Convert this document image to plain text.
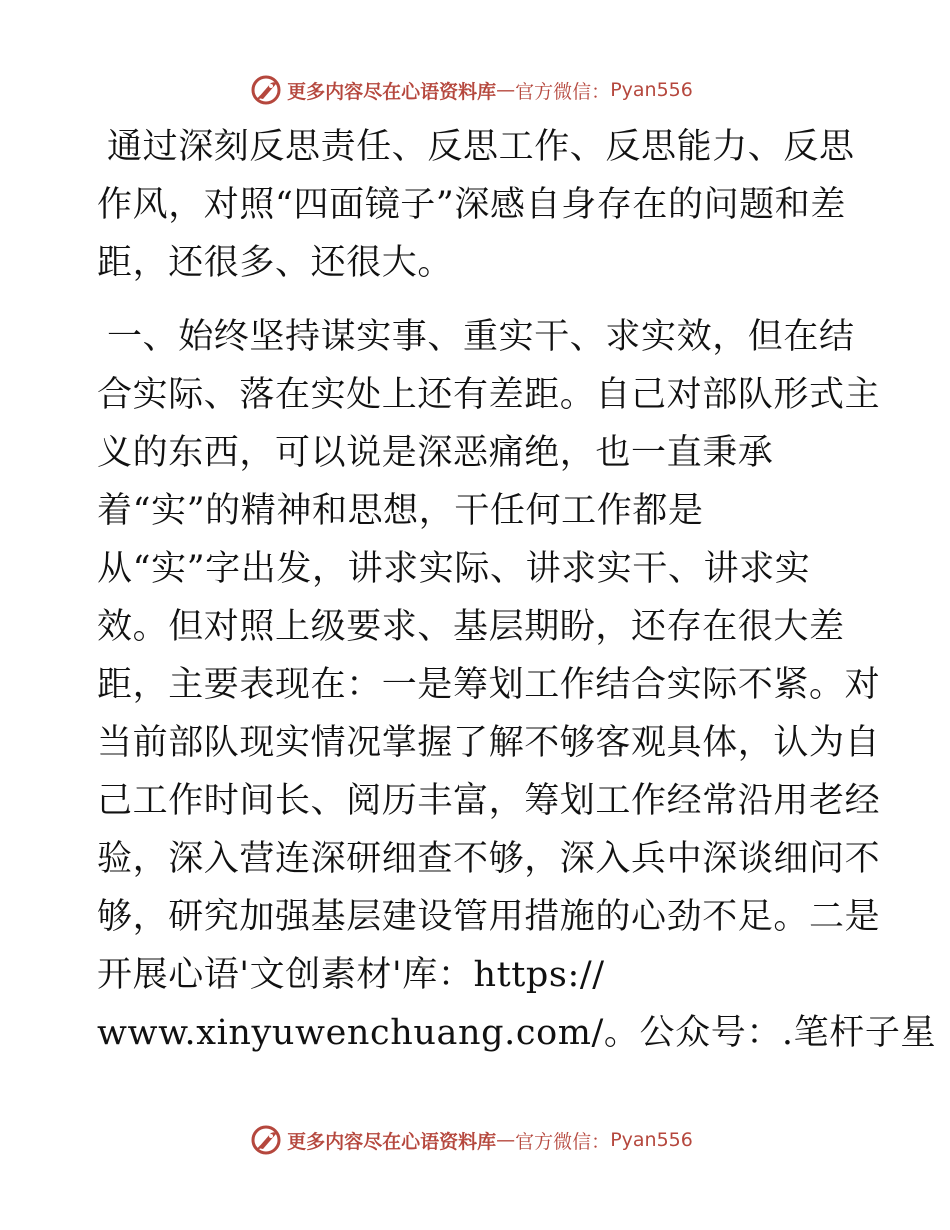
更多内容尽在心语资料库 — 官方微信： Pyan556
通过深刻反思责任、反思工作、反思能力、反思
作风，对照“四面镜子”深感自身存在的问题和差
距，还很多、还很大。
一、始终坚持谋实事、重实干、求实效，但在结
合实际、落在实处上还有差距。自己对部队形式主
义的东西，可以说是深恶痛绝，也一直秉承
着“实”的精神和思想，干任何工作都是
从“实”字出发，讲求实际、讲求实干、讲求实
效。但对照上级要求、基层期盼，还存在很大差
距，主要表现在：一是筹划工作结合实际不紧。对
当前部队现实情况掌握了解不够客观具体，认为自
己工作时间长、阅历丰富，筹划工作经常沿用老经
验，深入营连深研细查不够，深入兵中深谈细问不
够，研究加强基层建设管用措施的心劲不足。二是
开展心语'文创素材'库：https://
www.xinyuwenchuang.com/。公众号：.笔杆子星
更多内容尽在心语资料库 — 官方微信： Pyan556
